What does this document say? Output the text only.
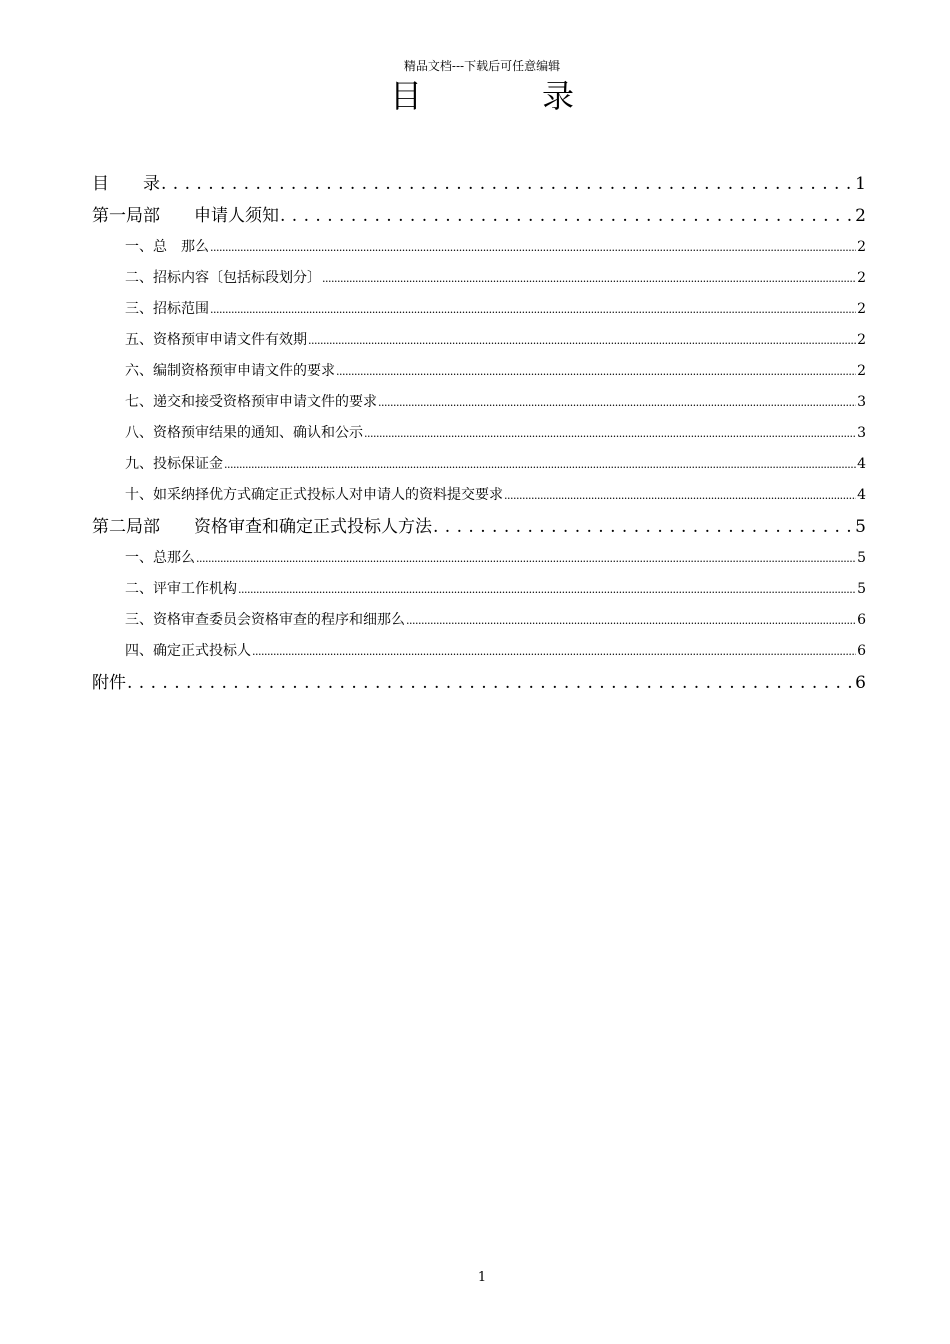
精品文档---下载后可任意编辑
目　录
目　　录 . . .	1
第一局部　　申请人须知 . . .	2
一、总　那么 .....	2
二、招标内容〔包括标段划分〕 .....	2
三、招标范围 .....	2
五、资格预审申请文件有效期 .....	2
六、编制资格预审申请文件的要求 .....	2
七、递交和接受资格预审申请文件的要求 .....	3
八、资格预审结果的通知、确认和公示 .....	3
九、投标保证金 .....	4
十、如采纳择优方式确定正式投标人对申请人的资料提交要求 .....	4
第二局部　　资格审查和确定正式投标人方法 . . .	5
一、总那么 .....	5
二、评审工作机构 .....	5
三、资格审查委员会资格审查的程序和细那么 .....	6
四、确定正式投标人 .....	6
附件 . . .	6
1
